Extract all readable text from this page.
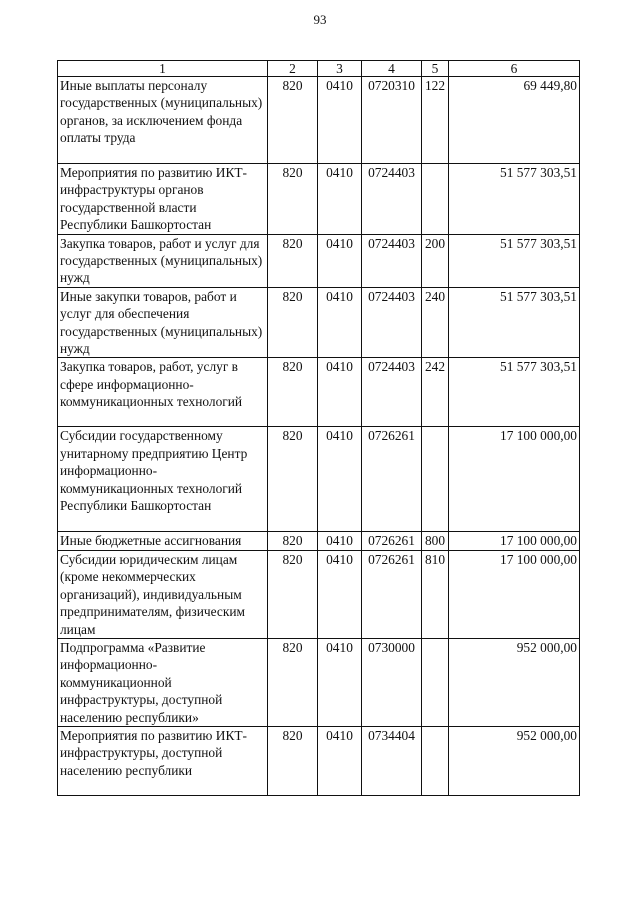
93
1	2	3	4	5	6
Иные выплаты персоналу государственных (муниципальных) органов, за исключением фонда оплаты труда	820	0410	0720310	122	69 449,80
Мероприятия по развитию ИКТ-инфраструктуры органов государственной власти Республики Башкортостан	820	0410	0724403		51 577 303,51
Закупка товаров, работ и услуг для государственных (муниципальных) нужд	820	0410	0724403	200	51 577 303,51
Иные закупки товаров, работ и услуг для обеспечения государственных (муниципальных) нужд	820	0410	0724403	240	51 577 303,51
Закупка товаров, работ, услуг в сфере информационно-коммуникационных технологий	820	0410	0724403	242	51 577 303,51
Субсидии государственному унитарному предприятию Центр информационно-коммуникационных технологий Республики Башкортостан	820	0410	0726261		17 100 000,00
Иные бюджетные ассигнования	820	0410	0726261	800	17 100 000,00
Субсидии юридическим лицам (кроме некоммерческих организаций), индивидуальным предпринимателям, физическим лицам	820	0410	0726261	810	17 100 000,00
Подпрограмма «Развитие информационно-коммуникационной инфраструктуры, доступной населению республики»	820	0410	0730000		952 000,00
Мероприятия по развитию ИКТ-инфраструктуры, доступной населению республики	820	0410	0734404		952 000,00
